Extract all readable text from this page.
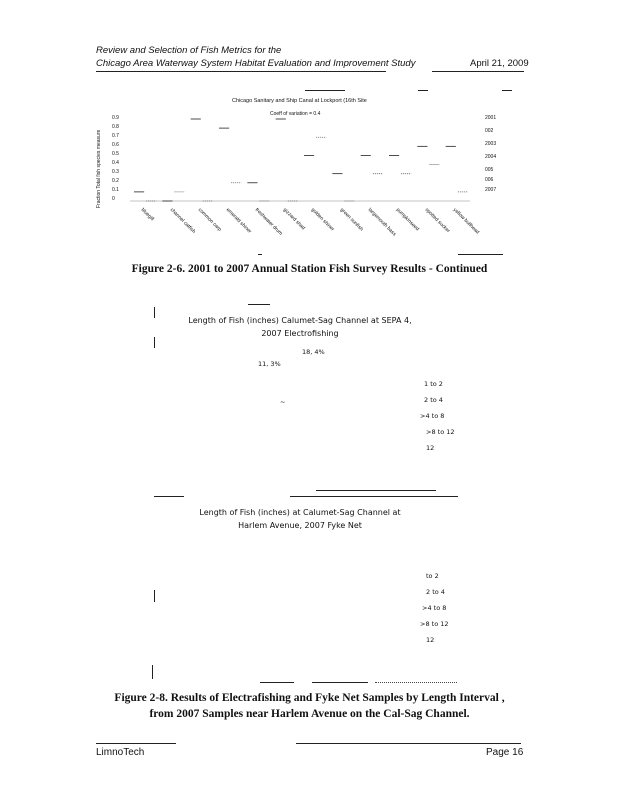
Review and Selection of Fish Metrics for the
Chicago Area Waterway System Habitat Evaluation and Improvement Study	April 21, 2009
Chicago Sanitary and Ship Canal at Lockport (16th Site
Coeff of variation = 0.4
Fraction Total fish species measure
0.9
0.8
0.7
0.6
0.5
0.4
0.3
0.2
0.1
0
bluegill	channel catfish common carp emerald shiner freshwater drum
gizzard shad golden shiner green sunfish largemouth bass
pumpkinseed spotted sucker yellow bullhead
2001
002
2003
2004
005
006
2007
Figure 2-6. 2001 to 2007 Annual Station Fish Survey Results - Continued
Length of Fish (inches) Calumet-Sag Channel at SEPA 4,
2007 Electrofishing
18, 4%
11, 3%
~
1 to 2
2 to 4
>4 to 8
>8 to 12
12
Length of Fish (inches) at Calumet-Sag Channel at
Harlem Avenue, 2007 Fyke Net
to 2
2 to 4
>4 to 8
>8 to 12
12
Figure 2-8. Results of Electrafishing and Fyke Net Samples by Length Interval ,
from 2007 Samples near Harlem Avenue on the Cal-Sag Channel.
LimnoTech	Page 16
